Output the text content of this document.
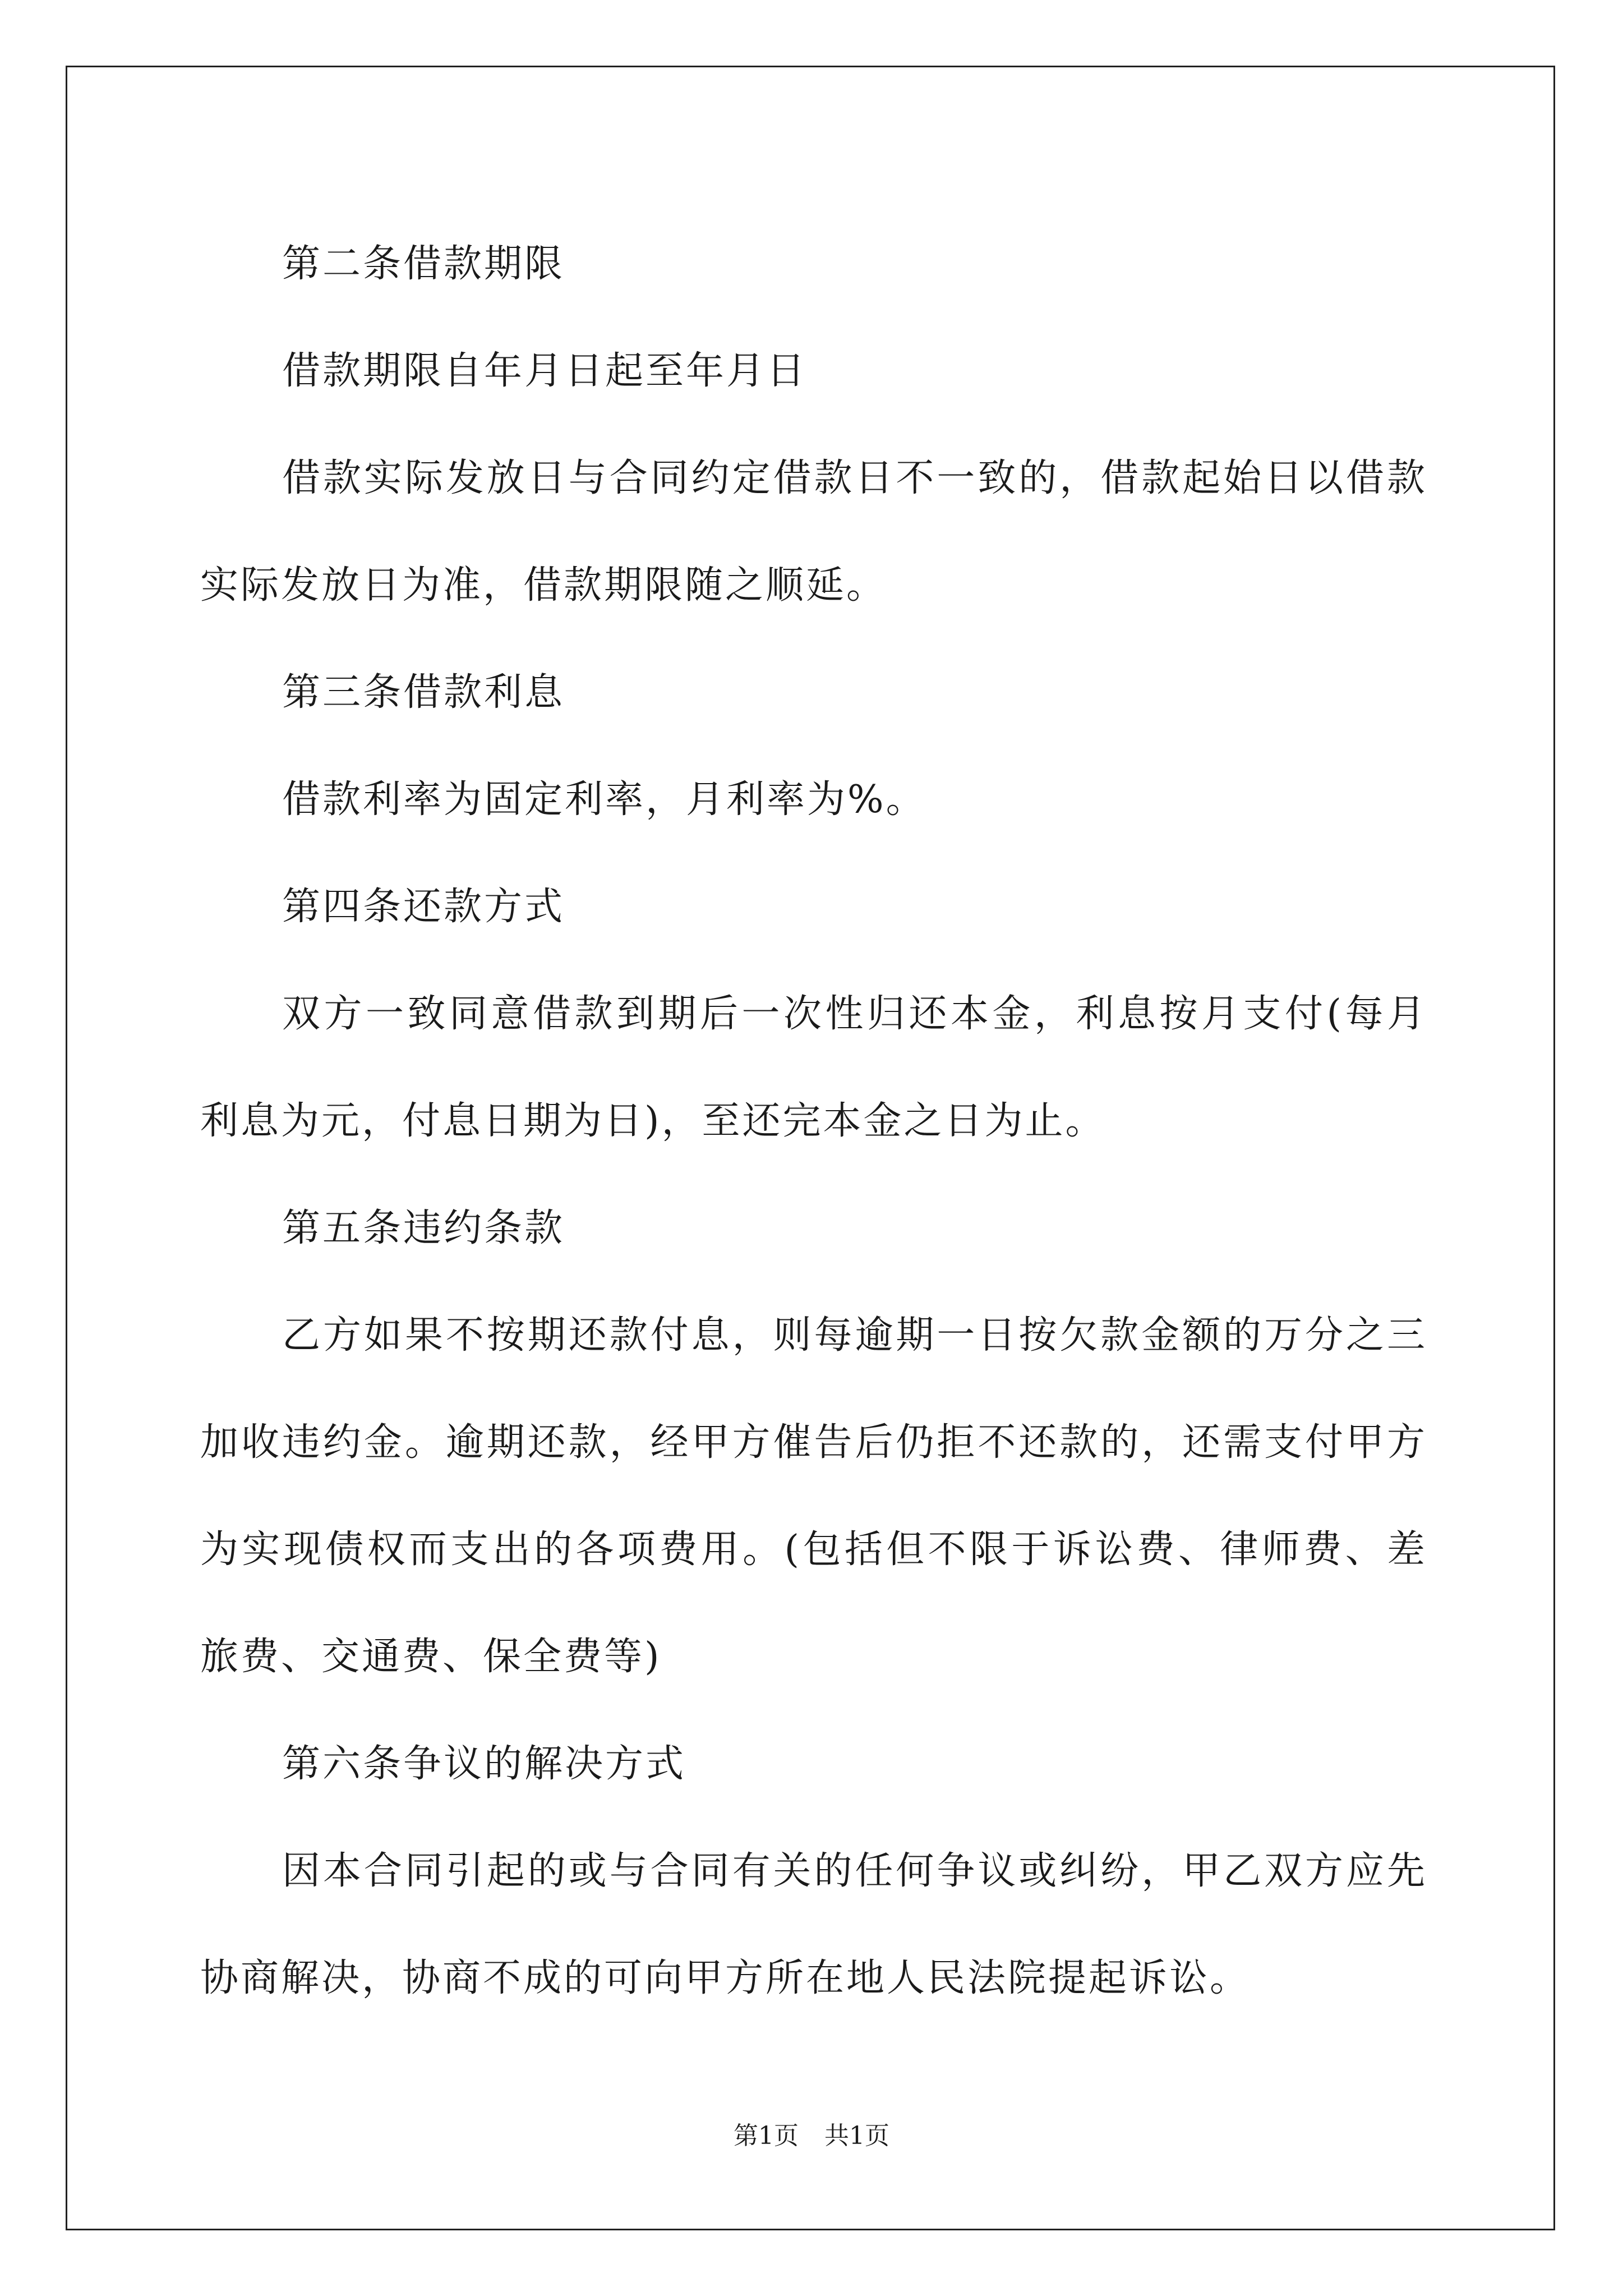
第二条借款期限

借款期限自年月日起至年月日

借款实际发放日与合同约定借款日不一致的，借款起始日以借款实际发放日为准，借款期限随之顺延。

第三条借款利息

借款利率为固定利率，月利率为%。

第四条还款方式

双方一致同意借款到期后一次性归还本金，利息按月支付(每月利息为元，付息日期为日)，至还完本金之日为止。

第五条违约条款

乙方如果不按期还款付息，则每逾期一日按欠款金额的万分之三加收违约金。逾期还款，经甲方催告后仍拒不还款的，还需支付甲方为实现债权而支出的各项费用。(包括但不限于诉讼费、律师费、差旅费、交通费、保全费等)

第六条争议的解决方式

因本合同引起的或与合同有关的任何争议或纠纷，甲乙双方应先协商解决，协商不成的可向甲方所在地人民法院提起诉讼。

第1页 共1页
